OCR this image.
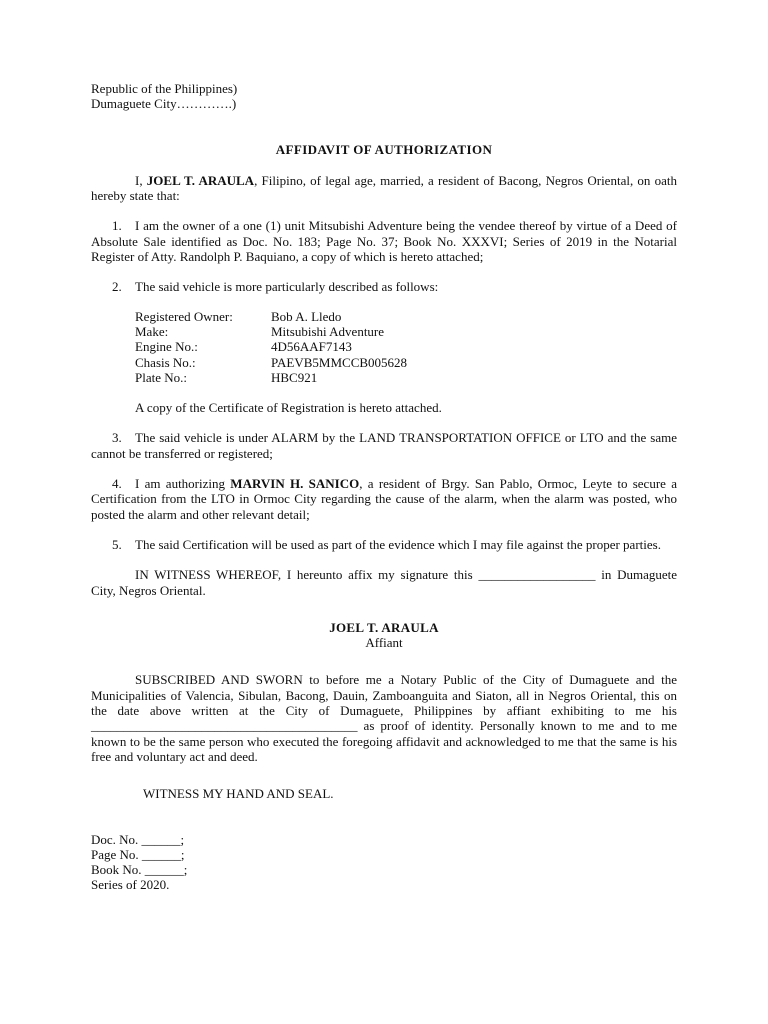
Republic of the Philippines)
Dumaguete City………….)
AFFIDAVIT OF AUTHORIZATION

I, JOEL T. ARAULA, Filipino, of legal age, married, a resident of Bacong, Negros Oriental, on oath hereby state that:

1. I am the owner of a one (1) unit Mitsubishi Adventure being the vendee thereof by virtue of a Deed of Absolute Sale identified as Doc. No. 183; Page No. 37; Book No. XXXVI; Series of 2019 in the Notarial Register of Atty. Randolph P. Baquiano, a copy of which is hereto attached;

2. The said vehicle is more particularly described as follows:

Registered Owner:	Bob A. Lledo
Make:	Mitsubishi Adventure
Engine No.:	4D56AAF7143
Chasis No.:	PAEVB5MMCCB005628
Plate No.:	HBC921
A copy of the Certificate of Registration is hereto attached.

3. The said vehicle is under ALARM by the LAND TRANSPORTATION OFFICE or LTO and the same cannot be transferred or registered;

4. I am authorizing MARVIN H. SANICO, a resident of Brgy. San Pablo, Ormoc, Leyte to secure a Certification from the LTO in Ormoc City regarding the cause of the alarm, when the alarm was posted, who posted the alarm and other relevant detail;

5. The said Certification will be used as part of the evidence which I may file against the proper parties.

IN WITNESS WHEREOF, I hereunto affix my signature this __________________ in Dumaguete City, Negros Oriental.

JOEL T. ARAULA
Affiant

SUBSCRIBED AND SWORN to before me a Notary Public of the City of Dumaguete and the Municipalities of Valencia, Sibulan, Bacong, Dauin, Zamboanguita and Siaton, all in Negros Oriental, this on the date above written at the City of Dumaguete, Philippines by affiant exhibiting to me his _________________________________________ as proof of identity. Personally known to me and to me known to be the same person who executed the foregoing affidavit and acknowledged to me that the same is his free and voluntary act and deed.

WITNESS MY HAND AND SEAL.
Doc. No. ______;
Page No. ______;
Book No. ______;
Series of 2020.
